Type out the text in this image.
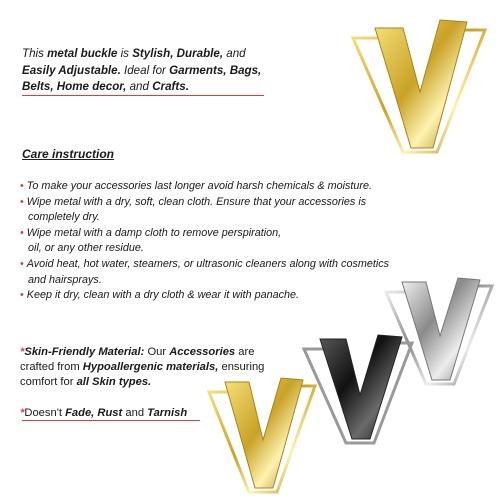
This metal buckle is Stylish, Durable, and Easily Adjustable. Ideal for Garments, Bags, Belts, Home decor, and Crafts.
Care instruction
• To make your accessories last longer avoid harsh chemicals & moisture.
• Wipe metal with a dry, soft, clean cloth. Ensure that your accessories is
completely dry.
• Wipe metal with a damp cloth to remove perspiration,
oil, or any other residue.
• Avoid heat, hot water, steamers, or ultrasonic cleaners along with cosmetics
and hairsprays.
• Keep it dry, clean with a dry cloth & wear it with panache.
*Skin-Friendly Material: Our Accessories are crafted from Hypoallergenic materials, ensuring comfort for all Skin types.
*Doesn't Fade, Rust and Tarnish
